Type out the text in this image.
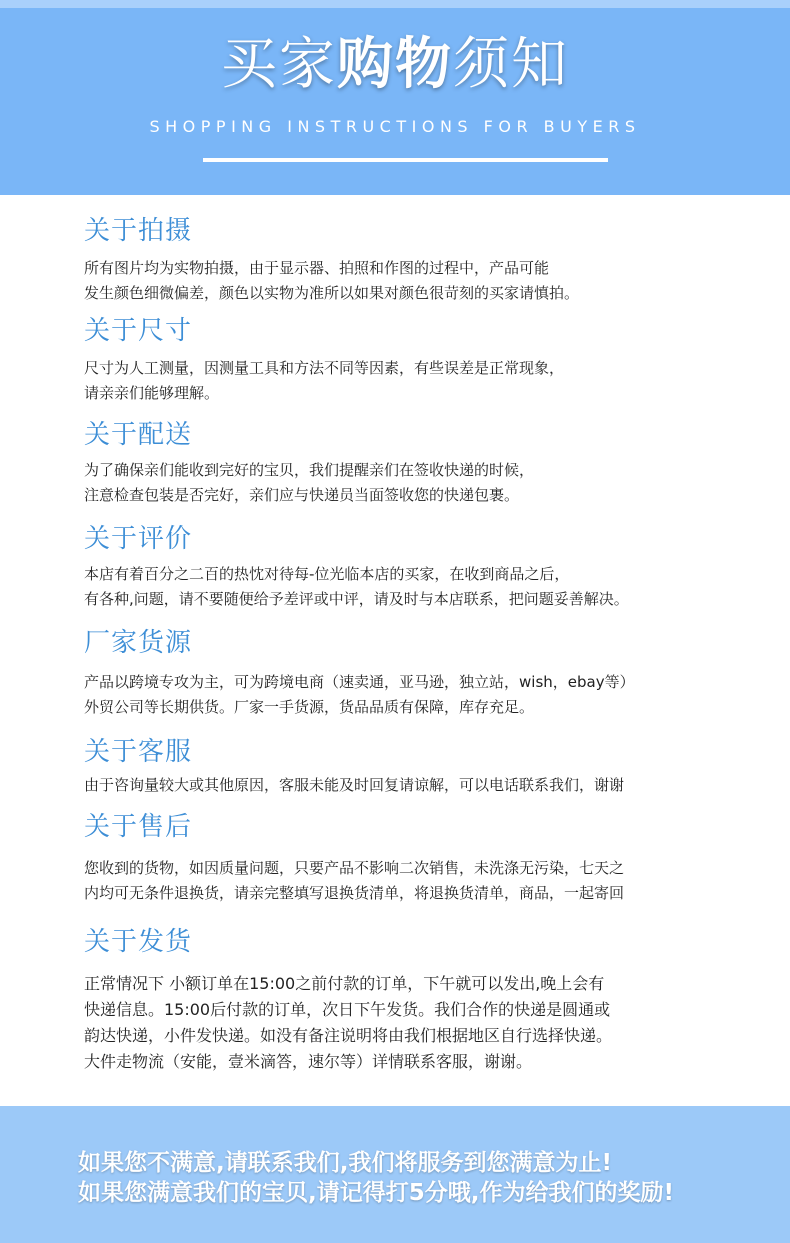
买家购物须知
SHOPPING INSTRUCTIONS FOR BUYERS
关于拍摄

所有图片均为实物拍摄，由于显示器、拍照和作图的过程中，产品可能

发生颜色细微偏差，颜色以实物为准所以如果对颜色很苛刻的买家请慎拍。

关于尺寸

尺寸为人工测量，因测量工具和方法不同等因素，有些误差是正常现象，

请亲亲们能够理解。

关于配送

为了确保亲们能收到完好的宝贝，我们提醒亲们在签收快递的时候，

注意检查包装是否完好，亲们应与快递员当面签收您的快递包裹。

关于评价

本店有着百分之二百的热忱对待每-位光临本店的买家，在收到商品之后，

有各种,问题，请不要随便给予差评或中评，请及时与本店联系，把问题妥善解决。

厂家货源

产品以跨境专攻为主，可为跨境电商（速卖通，亚马逊，独立站，wish，ebay等）

外贸公司等长期供货。厂家一手货源，货品品质有保障，库存充足。

关于客服

由于咨询量较大或其他原因，客服未能及时回复请谅解，可以电话联系我们，谢谢

关于售后

您收到的货物，如因质量问题，只要产品不影响二次销售，未洗涤无污染，七天之

内均可无条件退换货，请亲完整填写退换货清单，将退换货清单，商品，一起寄回

关于发货

正常情况下 小额订单在15:00之前付款的订单，下午就可以发出,晚上会有

快递信息。15:00后付款的订单，次日下午发货。我们合作的快递是圆通或

韵达快递，小件发快递。如没有备注说明将由我们根据地区自行选择快递。

大件走物流（安能，壹米滴答，速尔等）详情联系客服，谢谢。

如果您不满意,请联系我们,我们将服务到您满意为止!

如果您满意我们的宝贝,请记得打5分哦,作为给我们的奖励!
